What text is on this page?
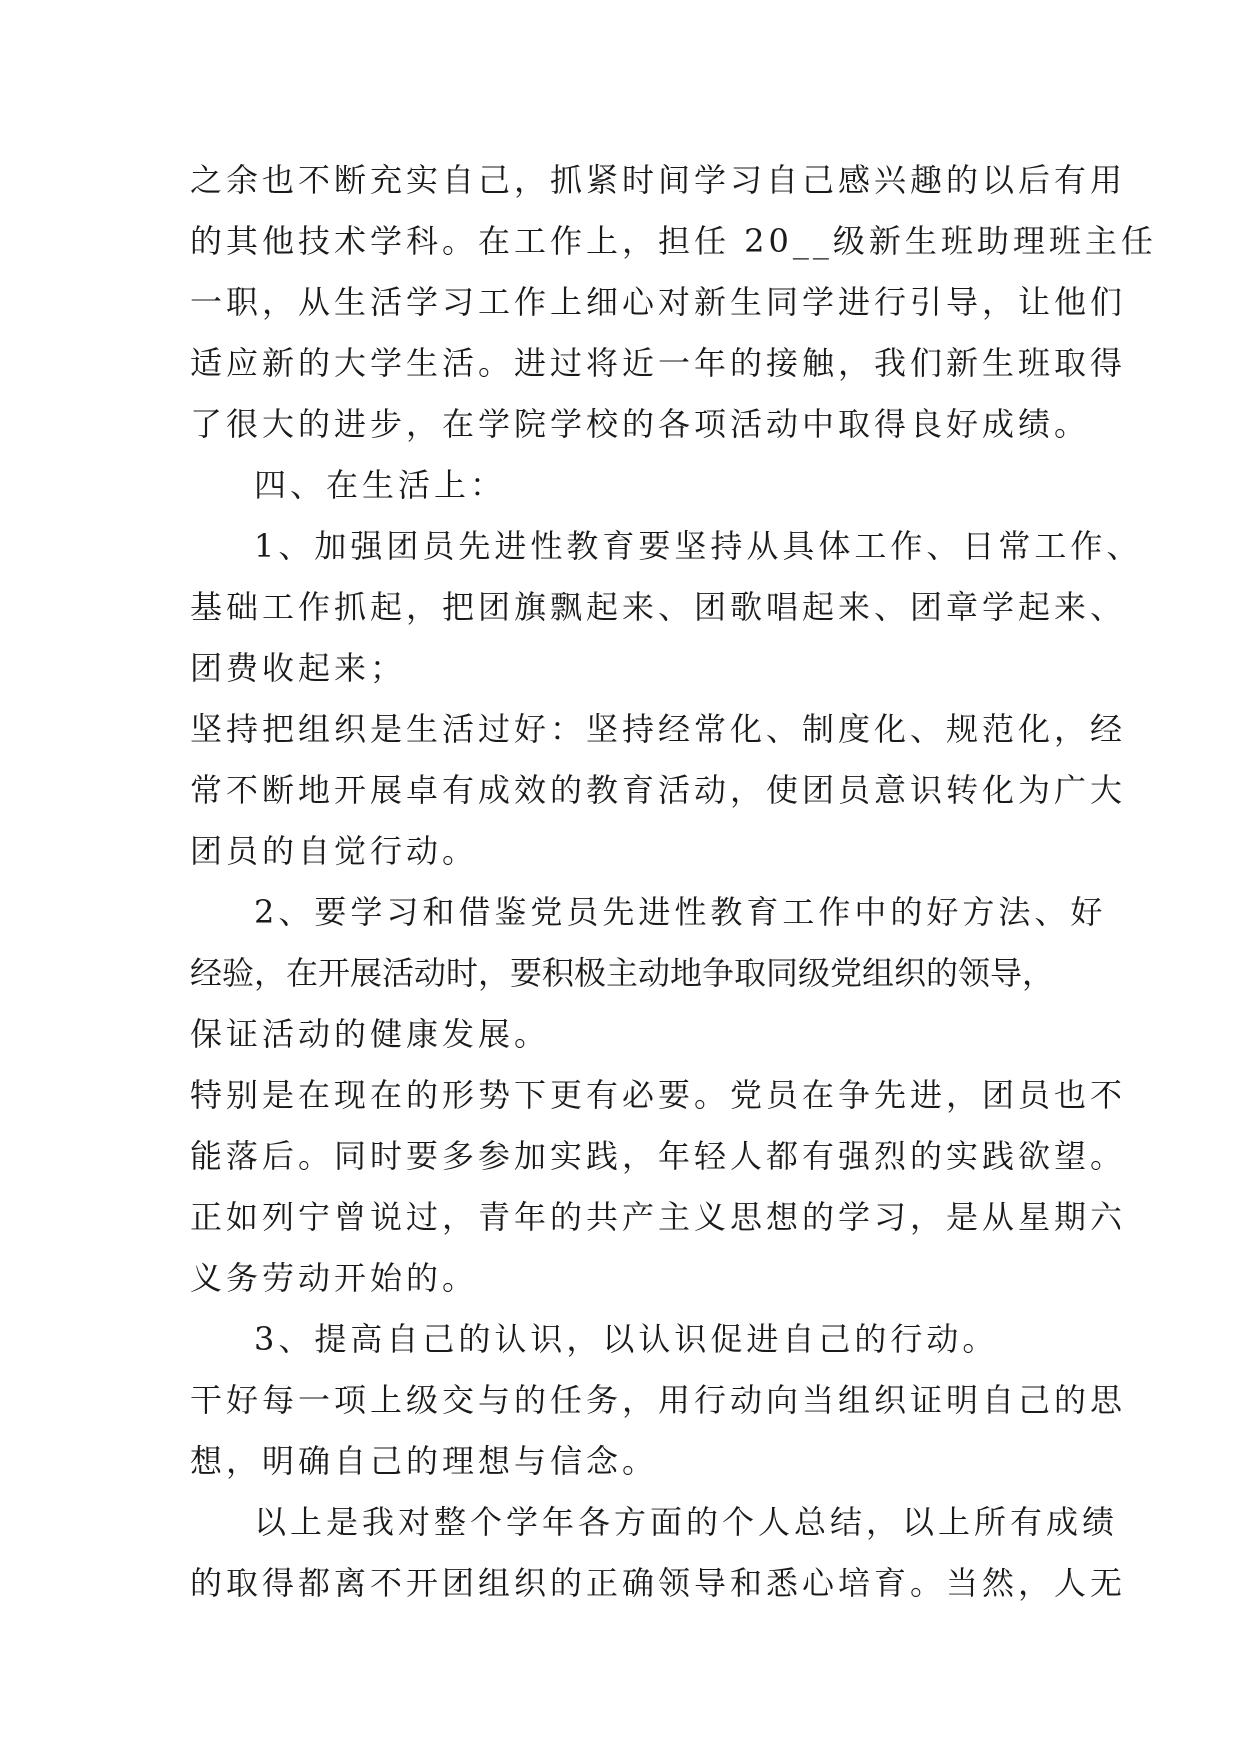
之余也不断充实自己，抓紧时间学习自己感兴趣的以后有用
的其他技术学科。在工作上，担任 20__级新生班助理班主任
一职，从生活学习工作上细心对新生同学进行引导，让他们
适应新的大学生活。进过将近一年的接触，我们新生班取得
了很大的进步，在学院学校的各项活动中取得良好成绩。
四、在生活上：
1、加强团员先进性教育要坚持从具体工作、日常工作、
基础工作抓起，把团旗飘起来、团歌唱起来、团章学起来、
团费收起来；
坚持把组织是生活过好：坚持经常化、制度化、规范化，经
常不断地开展卓有成效的教育活动，使团员意识转化为广大
团员的自觉行动。
2、要学习和借鉴党员先进性教育工作中的好方法、好
经验，在开展活动时，要积极主动地争取同级党组织的领导，
保证活动的健康发展。
特别是在现在的形势下更有必要。党员在争先进，团员也不
能落后。同时要多参加实践，年轻人都有强烈的实践欲望。
正如列宁曾说过，青年的共产主义思想的学习，是从星期六
义务劳动开始的。
3、提高自己的认识，以认识促进自己的行动。
干好每一项上级交与的任务，用行动向当组织证明自己的思
想，明确自己的理想与信念。
以上是我对整个学年各方面的个人总结，以上所有成绩
的取得都离不开团组织的正确领导和悉心培育。当然，人无
